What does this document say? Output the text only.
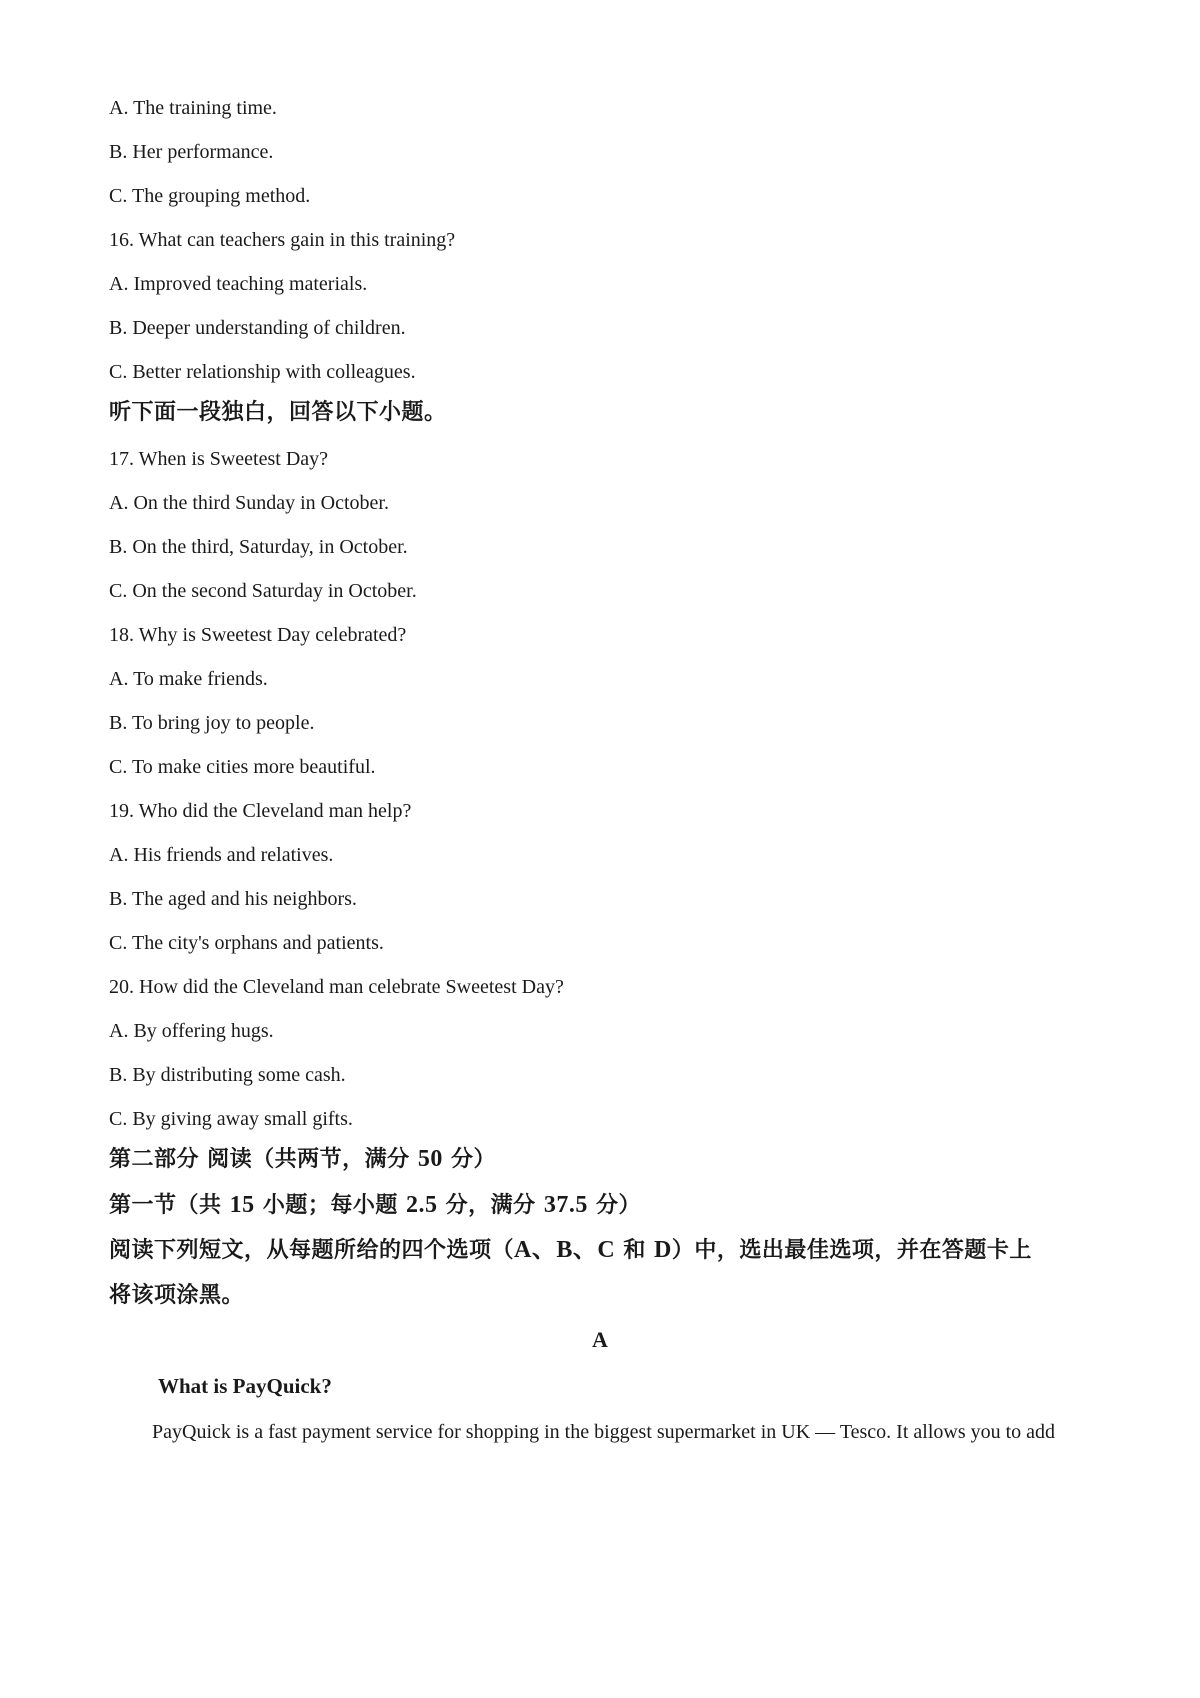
A. The training time.
B. Her performance.
C. The grouping method.
16. What can teachers gain in this training?
A. Improved teaching materials.
B. Deeper understanding of children.
C. Better relationship with colleagues.
听下面一段独白，回答以下小题。
17. When is Sweetest Day?
A. On the third Sunday in October.
B. On the third, Saturday, in October.
C. On the second Saturday in October.
18. Why is Sweetest Day celebrated?
A. To make friends.
B. To bring joy to people.
C. To make cities more beautiful.
19. Who did the Cleveland man help?
A. His friends and relatives.
B. The aged and his neighbors.
C. The city's orphans and patients.
20. How did the Cleveland man celebrate Sweetest Day?
A. By offering hugs.
B. By distributing some cash.
C. By giving away small gifts.
第二部分 阅读（共两节，满分 50 分）
第一节（共 15 小题；每小题 2.5 分，满分 37.5 分）
阅读下列短文，从每题所给的四个选项（A、B、C 和 D）中，选出最佳选项，并在答题卡上
将该项涂黑。
A
What is PayQuick?
PayQuick is a fast payment service for shopping in the biggest supermarket in UK — Tesco. It allows you to add
